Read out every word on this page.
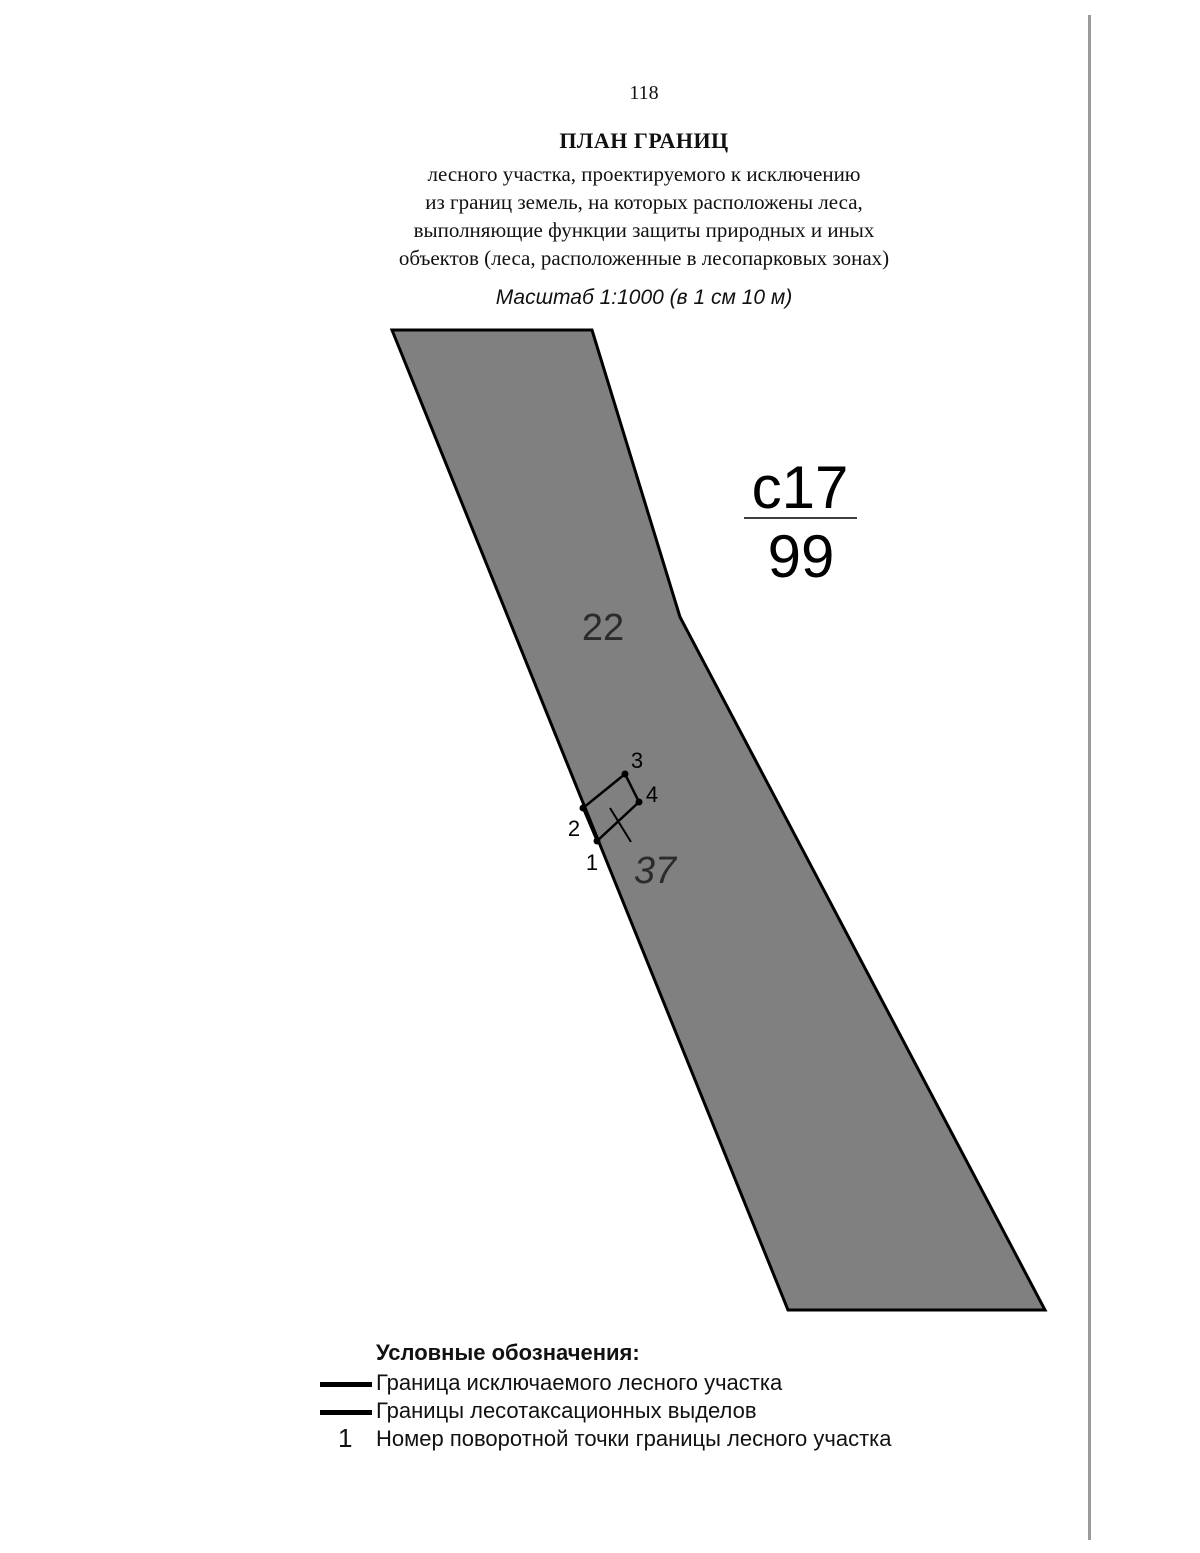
118
ПЛАН ГРАНИЦ
лесного участка, проектируемого к исключению
из границ земель, на которых расположены леса,
выполняющие функции защиты природных и иных
объектов (леса, расположенные в лесопарковых зонах)
Масштаб 1:1000 (в 1 см 10 м)
с17
99
22
37
1
2
3
4
Условные обозначения:
Граница исключаемого лесного участка
Границы лесотаксационных выделов
1 Номер поворотной точки границы лесного участка
